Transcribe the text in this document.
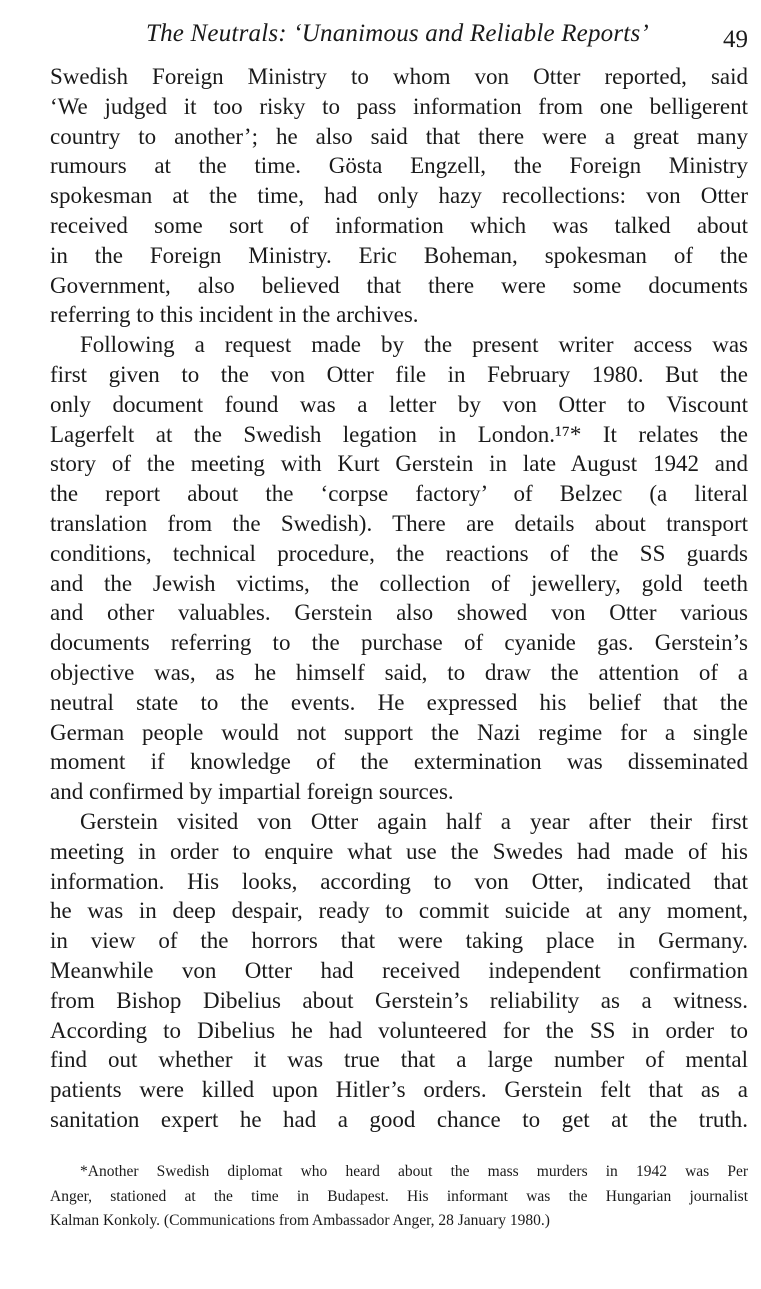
The Neutrals: ‘Unanimous and Reliable Reports’	49
Swedish Foreign Ministry to whom von Otter reported, said
‘We judged it too risky to pass information from one belligerent
country to another’; he also said that there were a great many
rumours at the time. Gösta Engzell, the Foreign Ministry
spokesman at the time, had only hazy recollections: von Otter
received some sort of information which was talked about
in the Foreign Ministry. Eric Boheman, spokesman of the
Government, also believed that there were some documents
referring to this incident in the archives.
Following a request made by the present writer access was
first given to the von Otter file in February 1980. But the
only document found was a letter by von Otter to Viscount
Lagerfelt at the Swedish legation in London.¹⁷* It relates the
story of the meeting with Kurt Gerstein in late August 1942 and
the report about the ‘corpse factory’ of Belzec (a literal
translation from the Swedish). There are details about transport
conditions, technical procedure, the reactions of the SS guards
and the Jewish victims, the collection of jewellery, gold teeth
and other valuables. Gerstein also showed von Otter various
documents referring to the purchase of cyanide gas. Gerstein’s
objective was, as he himself said, to draw the attention of a
neutral state to the events. He expressed his belief that the
German people would not support the Nazi regime for a single
moment if knowledge of the extermination was disseminated
and confirmed by impartial foreign sources.
Gerstein visited von Otter again half a year after their first
meeting in order to enquire what use the Swedes had made of his
information. His looks, according to von Otter, indicated that
he was in deep despair, ready to commit suicide at any moment,
in view of the horrors that were taking place in Germany.
Meanwhile von Otter had received independent confirmation
from Bishop Dibelius about Gerstein’s reliability as a witness.
According to Dibelius he had volunteered for the SS in order to
find out whether it was true that a large number of mental
patients were killed upon Hitler’s orders. Gerstein felt that as a
sanitation expert he had a good chance to get at the truth.
*Another Swedish diplomat who heard about the mass murders in 1942 was Per
Anger, stationed at the time in Budapest. His informant was the Hungarian journalist
Kalman Konkoly. (Communications from Ambassador Anger, 28 January 1980.)
